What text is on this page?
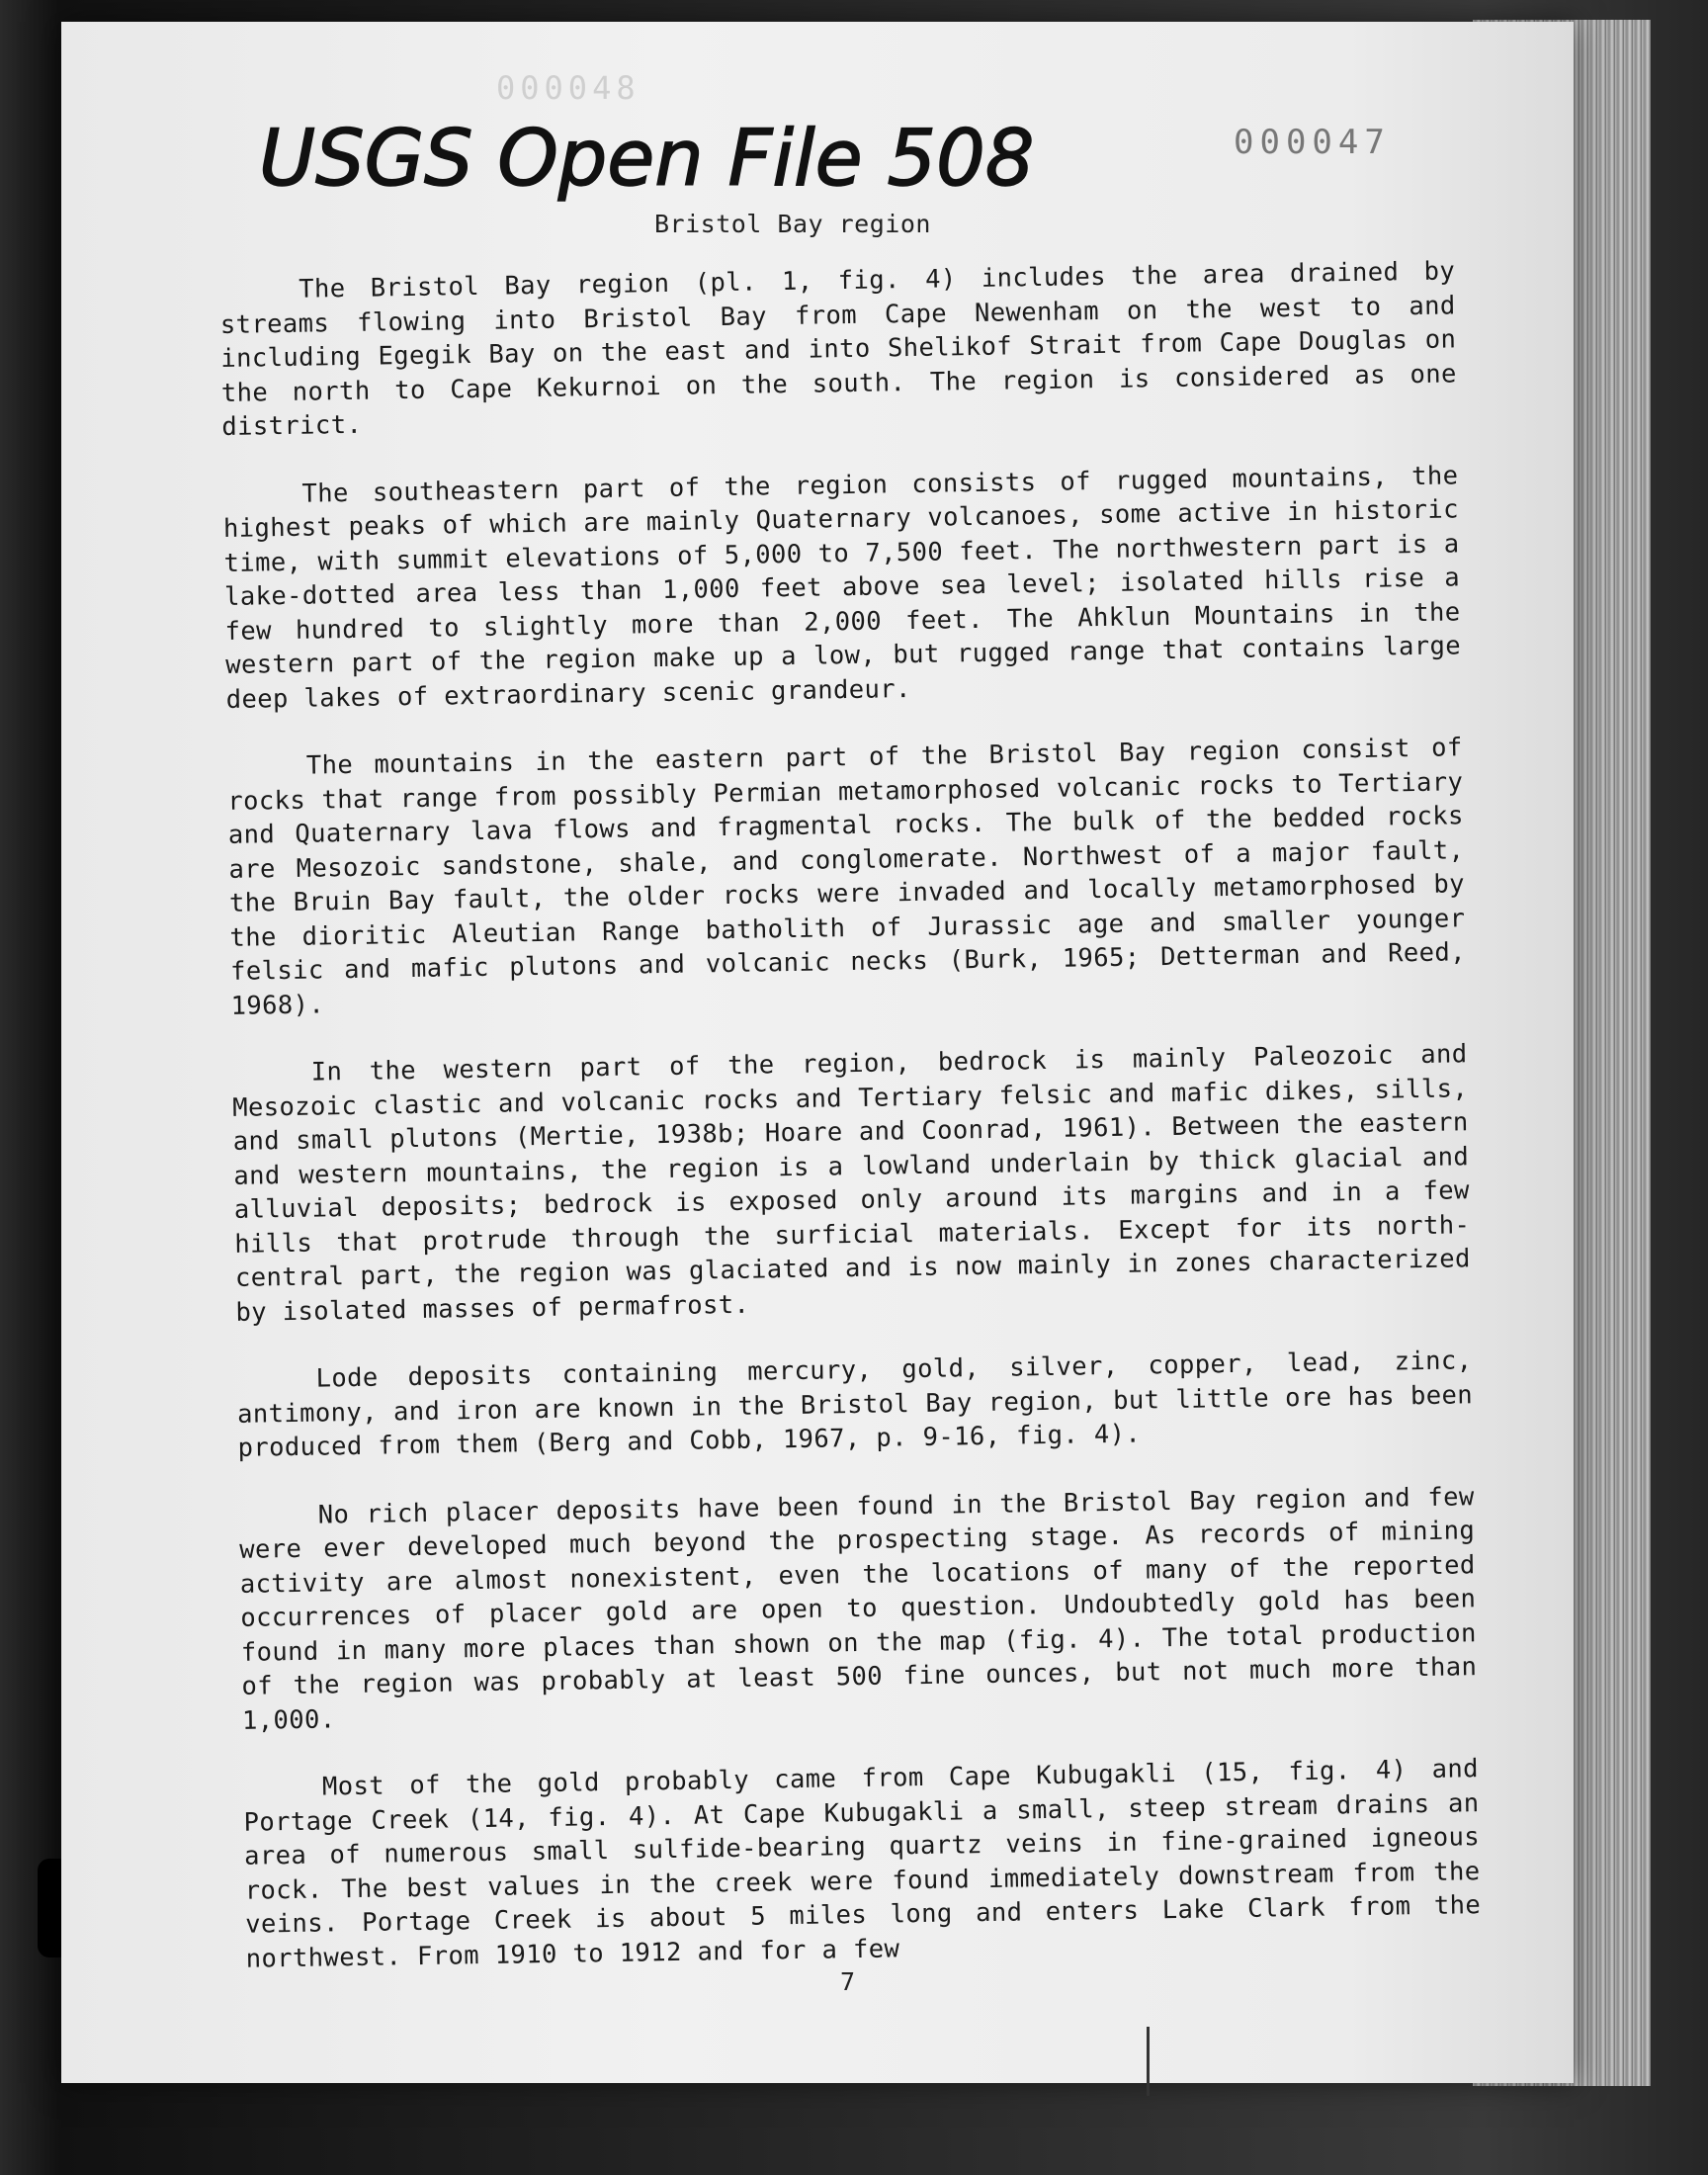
000048
USGS Open File 508	000047
Bristol Bay region

The Bristol Bay region (pl. 1, fig. 4) includes the area drained by streams flowing into Bristol Bay from Cape Newenham on the west to and including Egegik Bay on the east and into Shelikof Strait from Cape Douglas on the north to Cape Kekurnoi on the south. The region is considered as one district.

The southeastern part of the region consists of rugged mountains, the highest peaks of which are mainly Quaternary volcanoes, some active in historic time, with summit elevations of 5,000 to 7,500 feet. The northwestern part is a lake-dotted area less than 1,000 feet above sea level; isolated hills rise a few hundred to slightly more than 2,000 feet. The Ahklun Mountains in the western part of the region make up a low, but rugged range that contains large deep lakes of extraordinary scenic grandeur.

The mountains in the eastern part of the Bristol Bay region consist of rocks that range from possibly Permian metamorphosed volcanic rocks to Tertiary and Quaternary lava flows and fragmental rocks. The bulk of the bedded rocks are Mesozoic sandstone, shale, and conglomerate. Northwest of a major fault, the Bruin Bay fault, the older rocks were invaded and locally metamorphosed by the dioritic Aleutian Range batholith of Jurassic age and smaller younger felsic and mafic plutons and volcanic necks (Burk, 1965; Detterman and Reed, 1968).

In the western part of the region, bedrock is mainly Paleozoic and Mesozoic clastic and volcanic rocks and Tertiary felsic and mafic dikes, sills, and small plutons (Mertie, 1938b; Hoare and Coonrad, 1961). Between the eastern and western mountains, the region is a lowland underlain by thick glacial and alluvial deposits; bedrock is exposed only around its margins and in a few hills that protrude through the surficial materials. Except for its north-central part, the region was glaciated and is now mainly in zones characterized by isolated masses of permafrost.

Lode deposits containing mercury, gold, silver, copper, lead, zinc, antimony, and iron are known in the Bristol Bay region, but little ore has been produced from them (Berg and Cobb, 1967, p. 9-16, fig. 4).

No rich placer deposits have been found in the Bristol Bay region and few were ever developed much beyond the prospecting stage. As records of mining activity are almost nonexistent, even the locations of many of the reported occurrences of placer gold are open to question. Undoubtedly gold has been found in many more places than shown on the map (fig. 4). The total production of the region was probably at least 500 fine ounces, but not much more than 1,000.

Most of the gold probably came from Cape Kubugakli (15, fig. 4) and Portage Creek (14, fig. 4). At Cape Kubugakli a small, steep stream drains an area of numerous small sulfide-bearing quartz veins in fine-grained igneous rock. The best values in the creek were found immediately downstream from the veins. Portage Creek is about 5 miles long and enters Lake Clark from the northwest. From 1910 to 1912 and for a few

7
